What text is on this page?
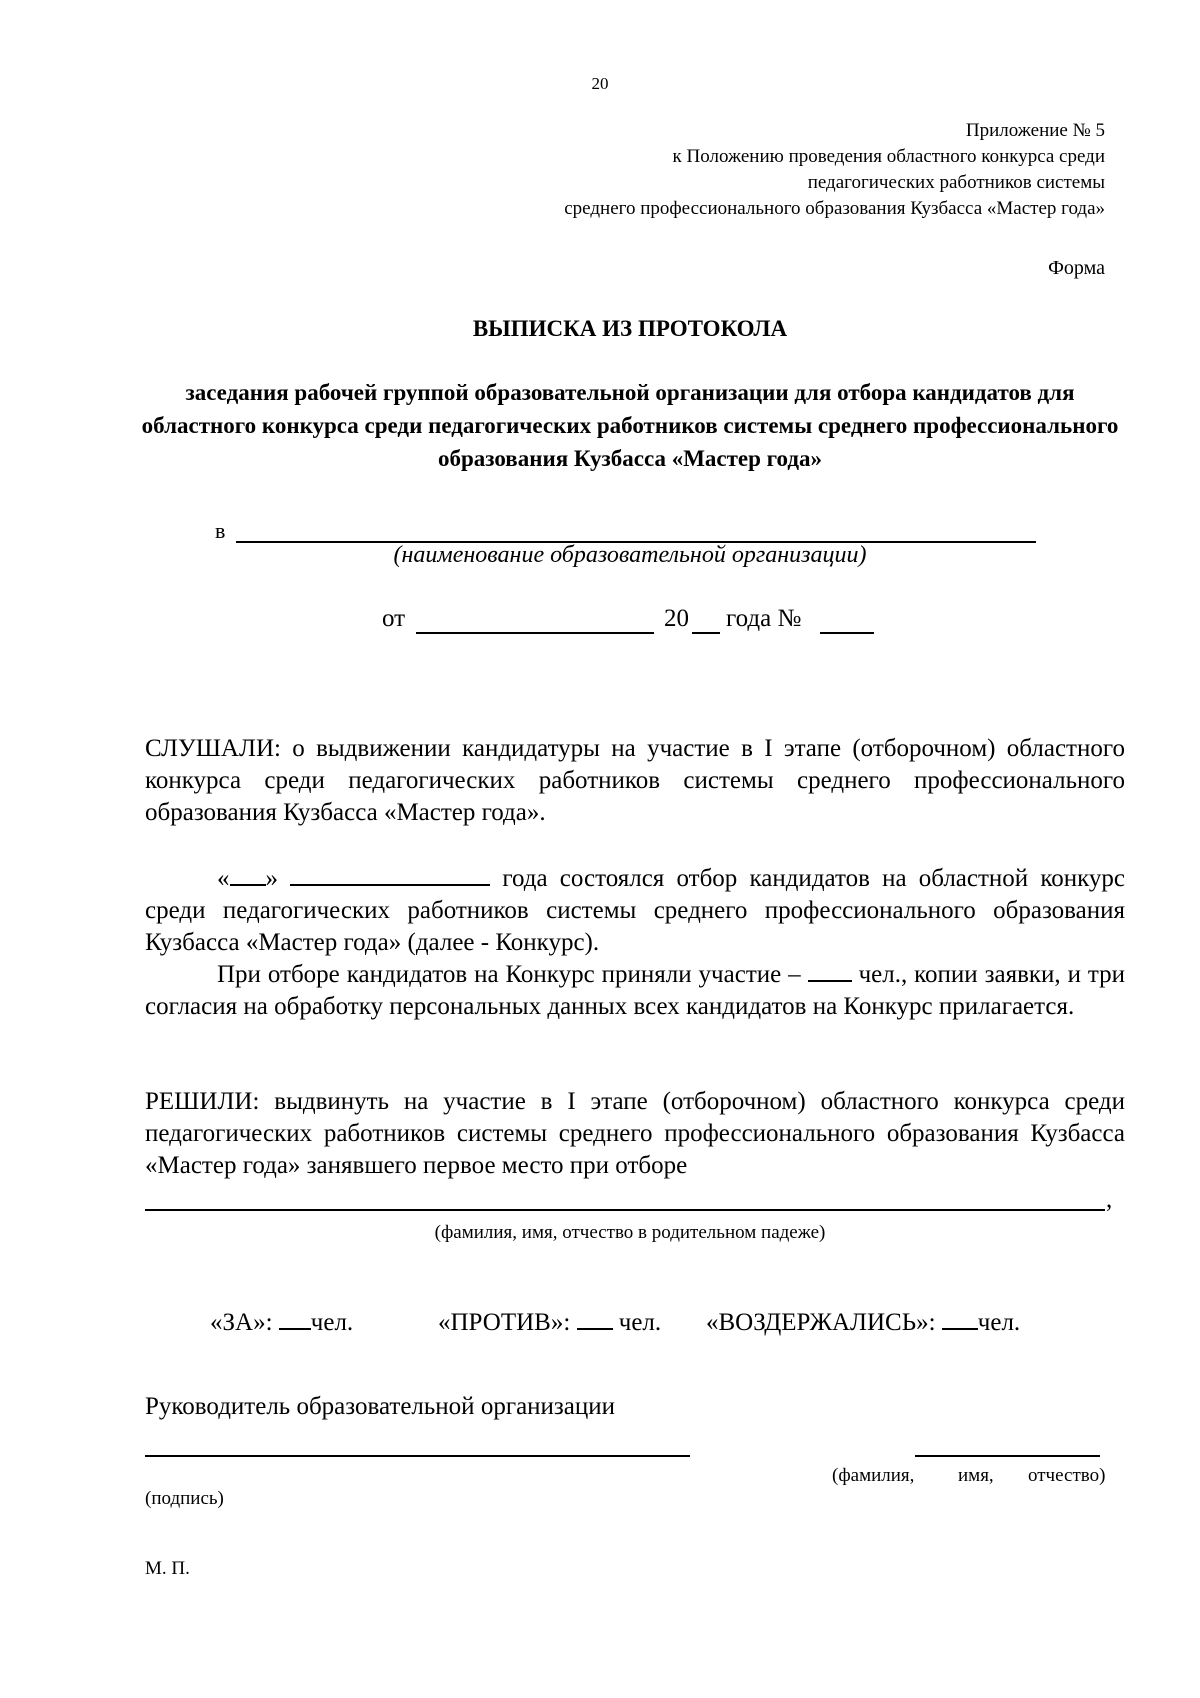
20
Приложение № 5
к Положению проведения областного конкурса среди
педагогических работников системы
среднего профессионального образования Кузбасса «Мастер года»
Форма
ВЫПИСКА ИЗ ПРОТОКОЛА
заседания рабочей группой образовательной организации для отбора кандидатов для областного конкурса среди педагогических работников системы среднего профессионального образования Кузбасса «Мастер года»
в
(наименование образовательной организации)
от	20 года №
СЛУШАЛИ: о выдвижении кандидатуры на участие в I этапе (отборочном) областного конкурса среди педагогических работников системы среднего профессионального образования Кузбасса «Мастер года».
« »	года состоялся отбор кандидатов на областной конкурс среди педагогических работников системы среднего профессионального образования Кузбасса «Мастер года» (далее - Конкурс).
При отборе кандидатов на Конкурс приняли участие – чел., копии заявки, и три согласия на обработку персональных данных всех кандидатов на Конкурс прилагается.
РЕШИЛИ: выдвинуть на участие в I этапе (отборочном) областного конкурса среди педагогических работников системы среднего профессионального образования Кузбасса «Мастер года» занявшего первое место при отборе
,
(фамилия, имя, отчество в родительном падеже)
«ЗА»: чел.	«ПРОТИВ»: чел. «ВОЗДЕРЖАЛИСЬ»: чел.
Руководитель образовательной организации
(фамилия, имя, отчество)
(подпись)
М. П.
